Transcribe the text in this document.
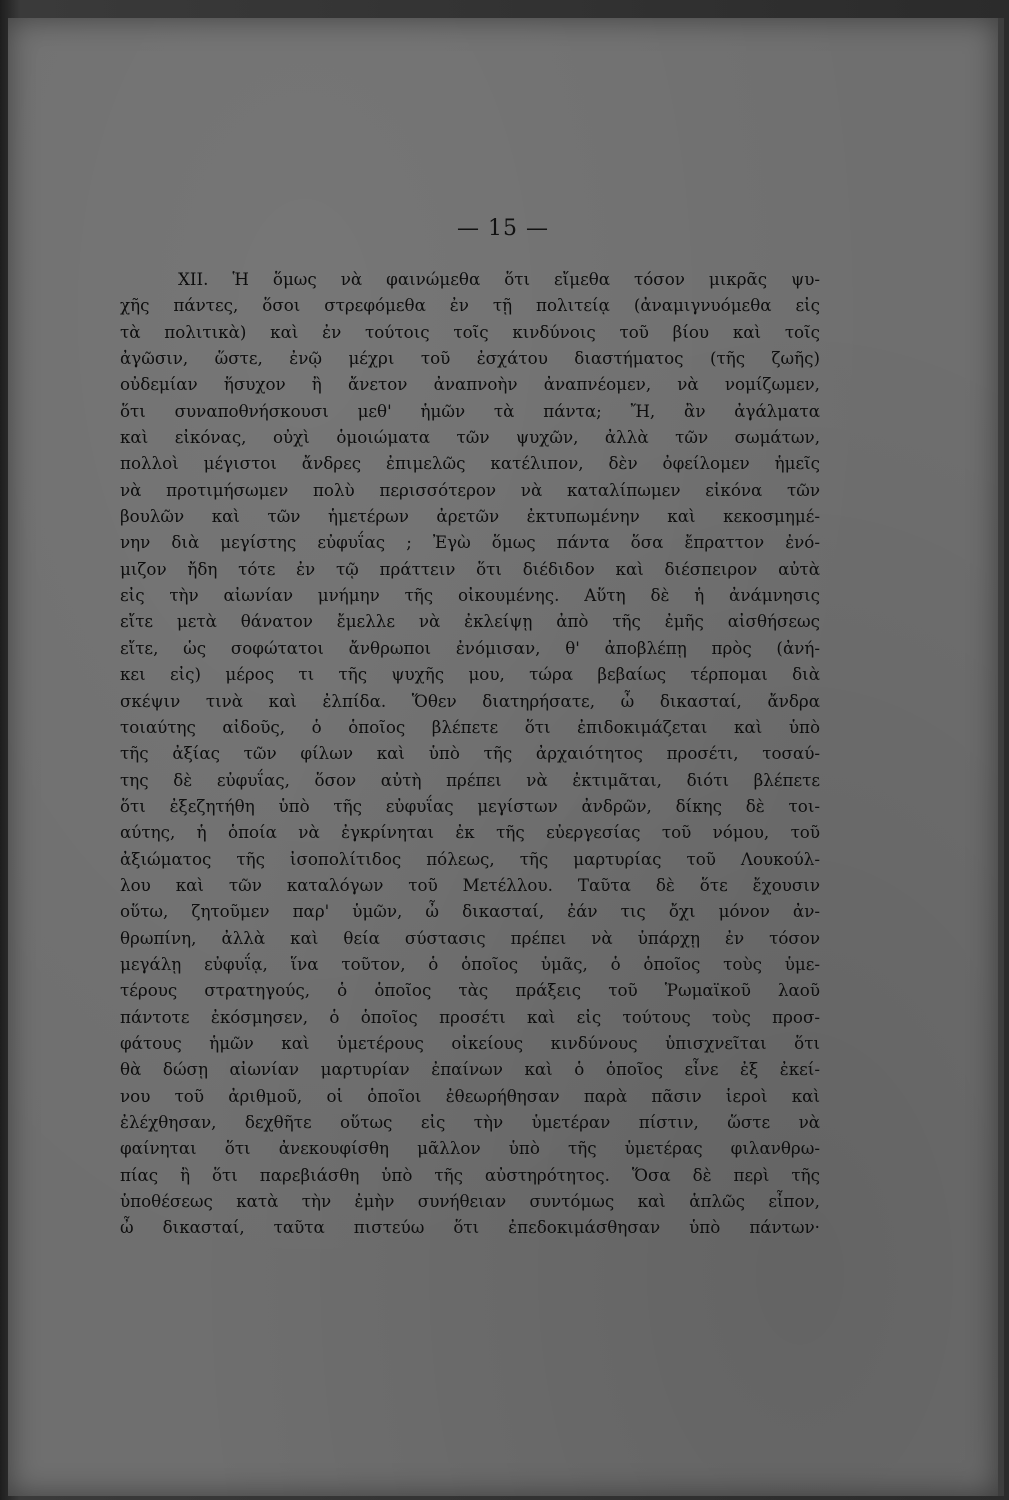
— 15 —
XII. Ἡ ὅμως νὰ φαινώμεθα ὅτι εἴμεθα τόσον μικρᾶς ψυ-
χῆς πάντες, ὅσοι στρεφόμεθα ἐν τῇ πολιτείᾳ (ἀναμιγνυόμεθα εἰς
τὰ πολιτικὰ) καὶ ἐν τούτοις τοῖς κινδύνοις τοῦ βίου καὶ τοῖς
ἀγῶσιν, ὥστε, ἐνῷ μέχρι τοῦ ἐσχάτου διαστήματος (τῆς ζωῆς)
οὐδεμίαν ἥσυχον ἢ ἄνετον ἀναπνοὴν ἀναπνέομεν, νὰ νομίζωμεν,
ὅτι συναποθνήσκουσι μεθ' ἡμῶν τὰ πάντα; Ἤ, ἂν ἀγάλματα
καὶ εἰκόνας, οὐχὶ ὁμοιώματα τῶν ψυχῶν, ἀλλὰ τῶν σωμάτων,
πολλοὶ μέγιστοι ἄνδρες ἐπιμελῶς κατέλιπον, δὲν ὀφείλομεν ἡμεῖς
νὰ προτιμήσωμεν πολὺ περισσότερον νὰ καταλίπωμεν εἰκόνα τῶν
βουλῶν καὶ τῶν ἡμετέρων ἀρετῶν ἐκτυπωμένην καὶ κεκοσμημέ-
νην διὰ μεγίστης εὐφυΐας ; Ἐγὼ ὅμως πάντα ὅσα ἔπραττον ἐνό-
μιζον ἤδη τότε ἐν τῷ πράττειν ὅτι διέδιδον καὶ διέσπειρον αὐτὰ
εἰς τὴν αἰωνίαν μνήμην τῆς οἰκουμένης. Αὕτη δὲ ἡ ἀνάμνησις
εἴτε μετὰ θάνατον ἔμελλε νὰ ἐκλείψῃ ἀπὸ τῆς ἐμῆς αἰσθήσεως
εἴτε, ὡς σοφώτατοι ἄνθρωποι ἐνόμισαν, θ' ἀποβλέπῃ πρὸς (ἀνή-
κει εἰς) μέρος τι τῆς ψυχῆς μου, τώρα βεβαίως τέρπομαι διὰ
σκέψιν τινὰ καὶ ἐλπίδα. Ὅθεν διατηρήσατε, ὦ δικασταί, ἄνδρα
τοιαύτης αἰδοῦς, ὁ ὁποῖος βλέπετε ὅτι ἐπιδοκιμάζεται καὶ ὑπὸ
τῆς ἀξίας τῶν φίλων καὶ ὑπὸ τῆς ἀρχαιότητος προσέτι, τοσαύ-
της δὲ εὐφυΐας, ὅσον αὐτὴ πρέπει νὰ ἐκτιμᾶται, διότι βλέπετε
ὅτι ἐξεζητήθη ὑπὸ τῆς εὐφυΐας μεγίστων ἀνδρῶν, δίκης δὲ τοι-
αύτης, ἡ ὁποία νὰ ἐγκρίνηται ἐκ τῆς εὐεργεσίας τοῦ νόμου, τοῦ
ἀξιώματος τῆς ἰσοπολίτιδος πόλεως, τῆς μαρτυρίας τοῦ Λουκούλ-
λου καὶ τῶν καταλόγων τοῦ Μετέλλου. Ταῦτα δὲ ὅτε ἔχουσιν
οὕτω, ζητοῦμεν παρ' ὑμῶν, ὦ δικασταί, ἐάν τις ὄχι μόνον ἀν-
θρωπίνη, ἀλλὰ καὶ θεία σύστασις πρέπει νὰ ὑπάρχῃ ἐν τόσον
μεγάλῃ εὐφυΐᾳ, ἵνα τοῦτον, ὁ ὁποῖος ὑμᾶς, ὁ ὁποῖος τοὺς ὑμε-
τέρους στρατηγούς, ὁ ὁποῖος τὰς πράξεις τοῦ Ῥωμαϊκοῦ λαοῦ
πάντοτε ἐκόσμησεν, ὁ ὁποῖος προσέτι καὶ εἰς τούτους τοὺς προσ-
φάτους ἡμῶν καὶ ὑμετέρους οἰκείους κινδύνους ὑπισχνεῖται ὅτι
θὰ δώσῃ αἰωνίαν μαρτυρίαν ἐπαίνων καὶ ὁ ὁποῖος εἶνε ἐξ ἐκεί-
νου τοῦ ἀριθμοῦ, οἱ ὁποῖοι ἐθεωρήθησαν παρὰ πᾶσιν ἱεροὶ καὶ
ἐλέχθησαν, δεχθῆτε οὕτως εἰς τὴν ὑμετέραν πίστιν, ὥστε νὰ
φαίνηται ὅτι ἀνεκουφίσθη μᾶλλον ὑπὸ τῆς ὑμετέρας φιλανθρω-
πίας ἢ ὅτι παρεβιάσθη ὑπὸ τῆς αὐστηρότητος. Ὅσα δὲ περὶ τῆς
ὑποθέσεως κατὰ τὴν ἐμὴν συνήθειαν συντόμως καὶ ἁπλῶς εἶπον,
ὦ δικασταί, ταῦτα πιστεύω ὅτι ἐπεδοκιμάσθησαν ὑπὸ πάντων·
